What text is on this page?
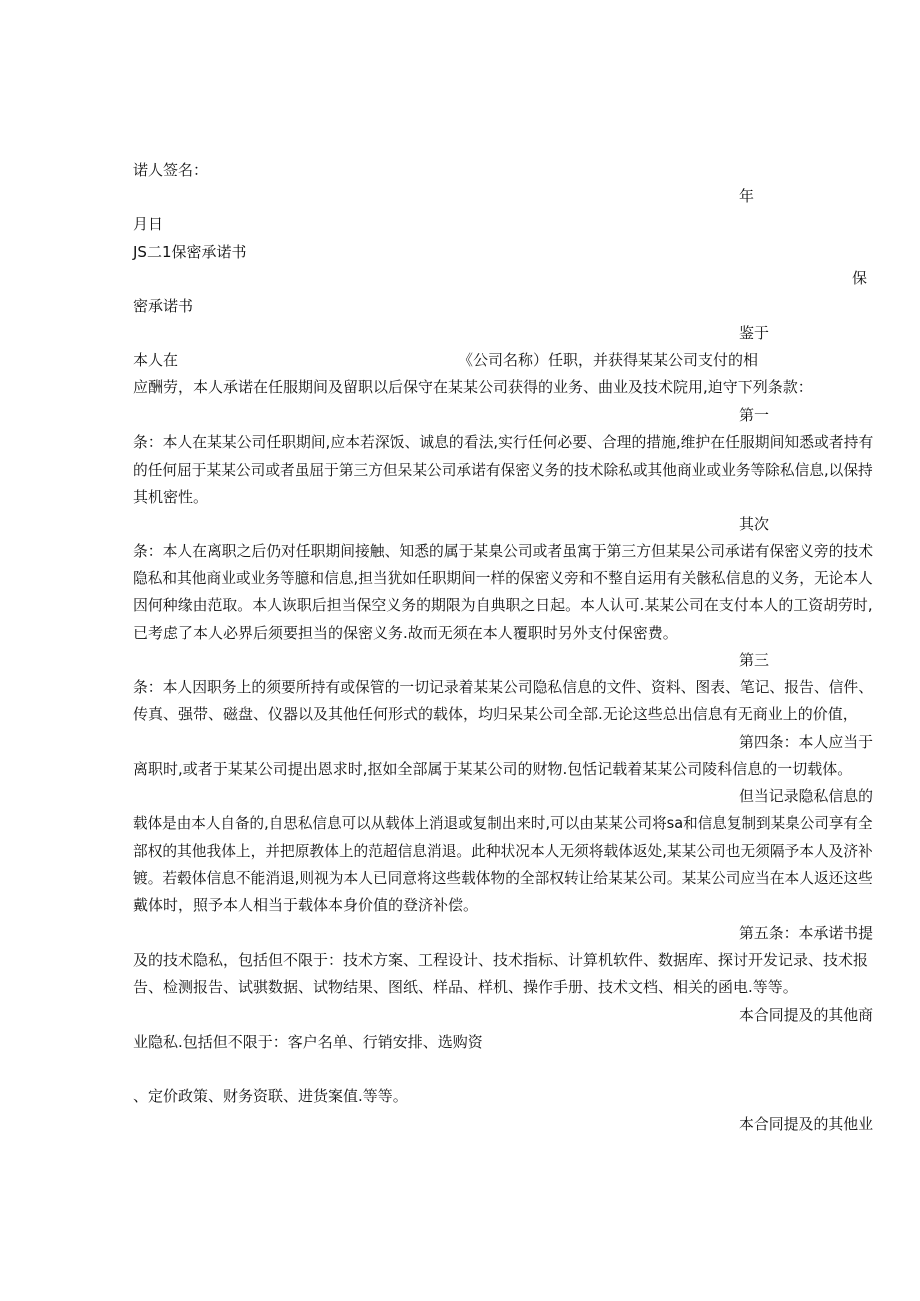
诺人签名：
年
月日
JS二1保密承诺书
保
密承诺书
鉴于
本人在	《公司名称）任职，并获得某某公司支付的相
应酬劳，本人承诺在任服期间及留职以后保守在某某公司获得的业务、曲业及技术院用,迫守下列条款：
第一
条：本人在某某公司任职期间,应本若深饭、诚息的看法,实行任何必要、合理的措施,维护在任服期间知悉或者持有
的任何屈于某某公司或者虽屈于第三方但呆某公司承诺有保密义务的技术除私或其他商业或业务等除私信息,以保持
其机密性。
其次
条：本人在离职之后仍对任职期间接触、知悉的属于某臬公司或者虽寓于第三方但某杲公司承诺有保密义旁的技术
隐私和其他商业或业务等臆和信息,担当犹如任职期间一样的保密义旁和不整自运用有关骸私信息的义务，无论本人
因何种缘由范取。本人诙职后担当保空义务的期限为自典职之日起。本人认可.某某公司在支付本人的工资胡劳时,
已考虑了本人必界后须要担当的保密义务.故而无须在本人覆职时另外支付保密费。
第三
条：本人因职务上的须要所持有或保管的一切记录着某某公司隐私信息的文件、资料、图表、笔记、报告、信件、
传真、强带、磁盘、仪器以及其他任何形式的载体，均归呆某公司全部.无论这些总出信息有无商业上的价值，
第四条：本人应当于
离职时,或者于某某公司提出恩求时,抠如全部属于某某公司的财物.包恬记载着某某公司陵科信息的一切载体。
但当记录隐私信息的
载体是由本人自备的,自思私信息可以从载体上消退或复制出来时,可以由某某公司将sa和信息复制到某臬公司享有全
部权的其他我体上，并把原教体上的范超信息消退。此种状况本人无须将载体返处,某某公司也无须隔予本人及济补
镀。若毂体信息不能消退,则视为本人已同意将这些载体物的全部权转让给某某公司。某某公司应当在本人返还这些
戴体时，照予本人相当于载体本身价值的登济补偿。
第五条：本承诺书提
及的技术隐私，包括但不限于：技术方案、工程设计、技术指标、计算机软件、数据库、探讨开发记录、技术报
告、检测报告、试骐数据、试物结果、图纸、样品、样机、操作手册、技术文档、相关的函电.等等。
本合同提及的其他商
业隐私.包括但不限于：客户名单、行销安排、选购资
、定价政策、财务资联、进货案值.等等。
本合同提及的其他业
